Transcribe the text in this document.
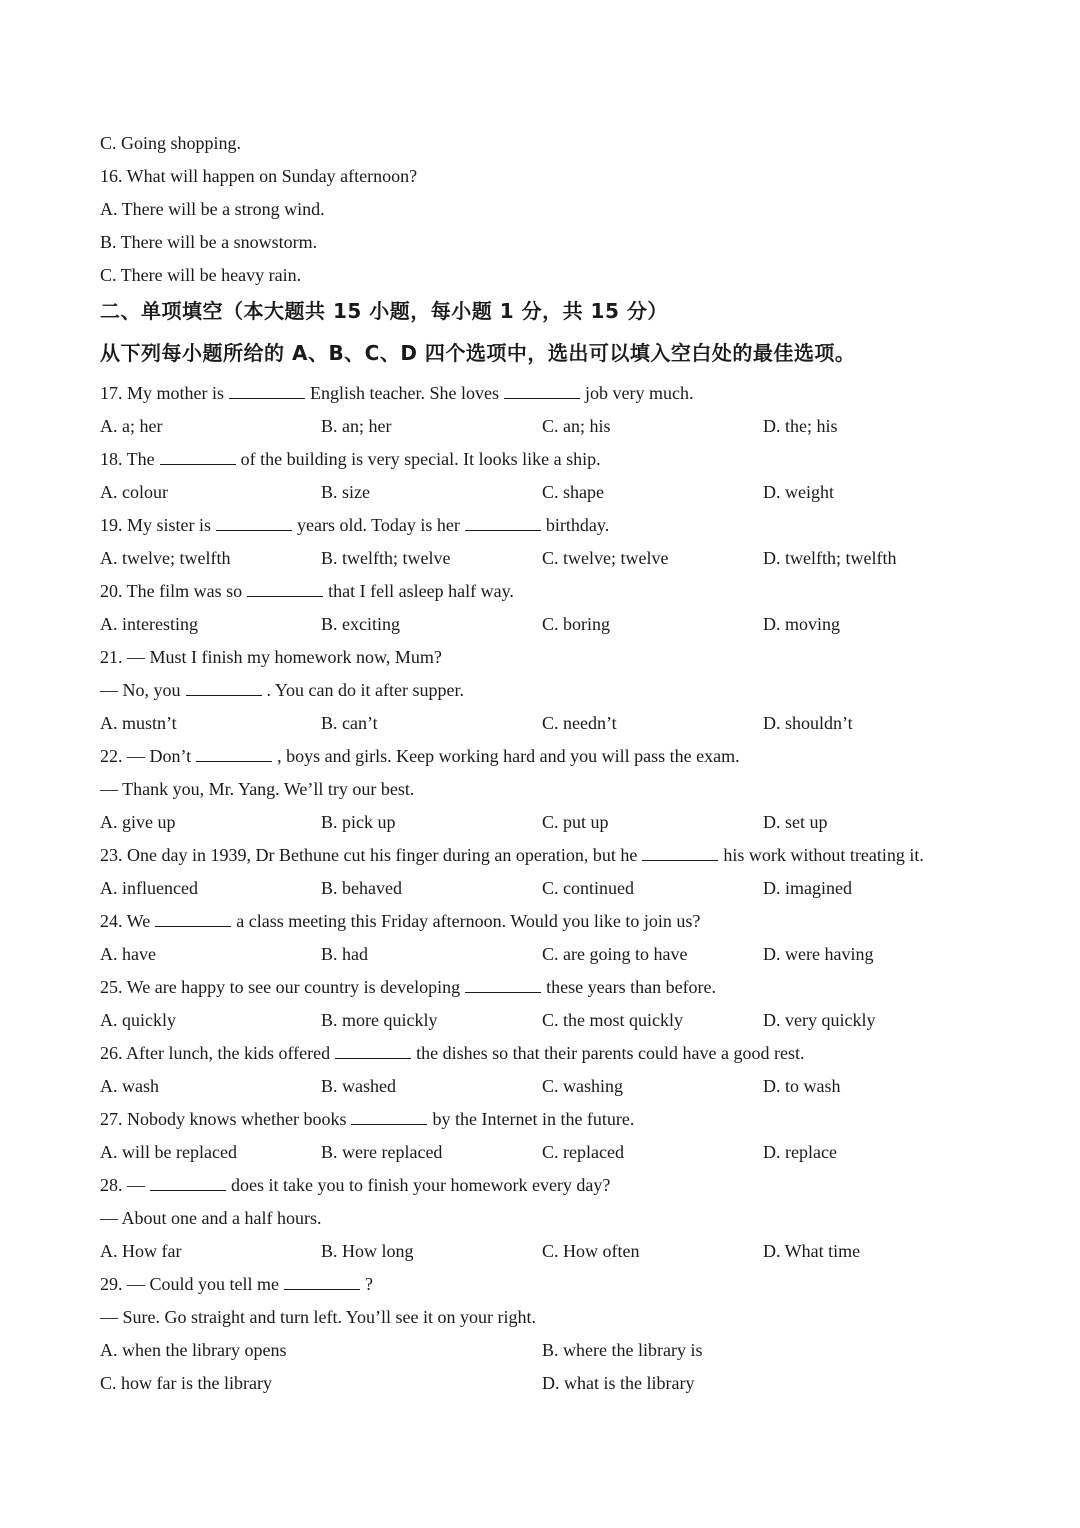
C. Going shopping.
16. What will happen on Sunday afternoon?
A. There will be a strong wind.
B. There will be a snowstorm.
C. There will be heavy rain.
二、单项填空（本大题共 15 小题，每小题 1 分，共 15 分）
从下列每小题所给的 A、B、C、D 四个选项中，选出可以填入空白处的最佳选项。
17. My mother is	English teacher. She loves	job very much.
A. a; her	B. an; her	C. an; his	D. the; his
18. The	of the building is very special. It looks like a ship.
A. colour	B. size	C. shape	D. weight
19. My sister is	years old. Today is her	birthday.
A. twelve; twelfth	B. twelfth; twelve	C. twelve; twelve	D. twelfth; twelfth
20. The film was so	that I fell asleep half way.
A. interesting	B. exciting	C. boring	D. moving
21. — Must I finish my homework now, Mum?
— No, you	. You can do it after supper.
A. mustn’t	B. can’t	C. needn’t	D. shouldn’t
22. — Don’t	, boys and girls. Keep working hard and you will pass the exam.
— Thank you, Mr. Yang. We’ll try our best.
A. give up	B. pick up	C. put up	D. set up
23. One day in 1939, Dr Bethune cut his finger during an operation, but he	his work without treating it.
A. influenced	B. behaved	C. continued	D. imagined
24. We	a class meeting this Friday afternoon. Would you like to join us?
A. have	B. had	C. are going to have	D. were having
25. We are happy to see our country is developing	these years than before.
A. quickly	B. more quickly	C. the most quickly	D. very quickly
26. After lunch, the kids offered	the dishes so that their parents could have a good rest.
A. wash	B. washed	C. washing	D. to wash
27. Nobody knows whether books	by the Internet in the future.
A. will be replaced	B. were replaced	C. replaced	D. replace
28. —	does it take you to finish your homework every day?
— About one and a half hours.
A. How far	B. How long	C. How often	D. What time
29. — Could you tell me	?
— Sure. Go straight and turn left. You’ll see it on your right.
A. when the library opens	B. where the library is
C. how far is the library	D. what is the library
